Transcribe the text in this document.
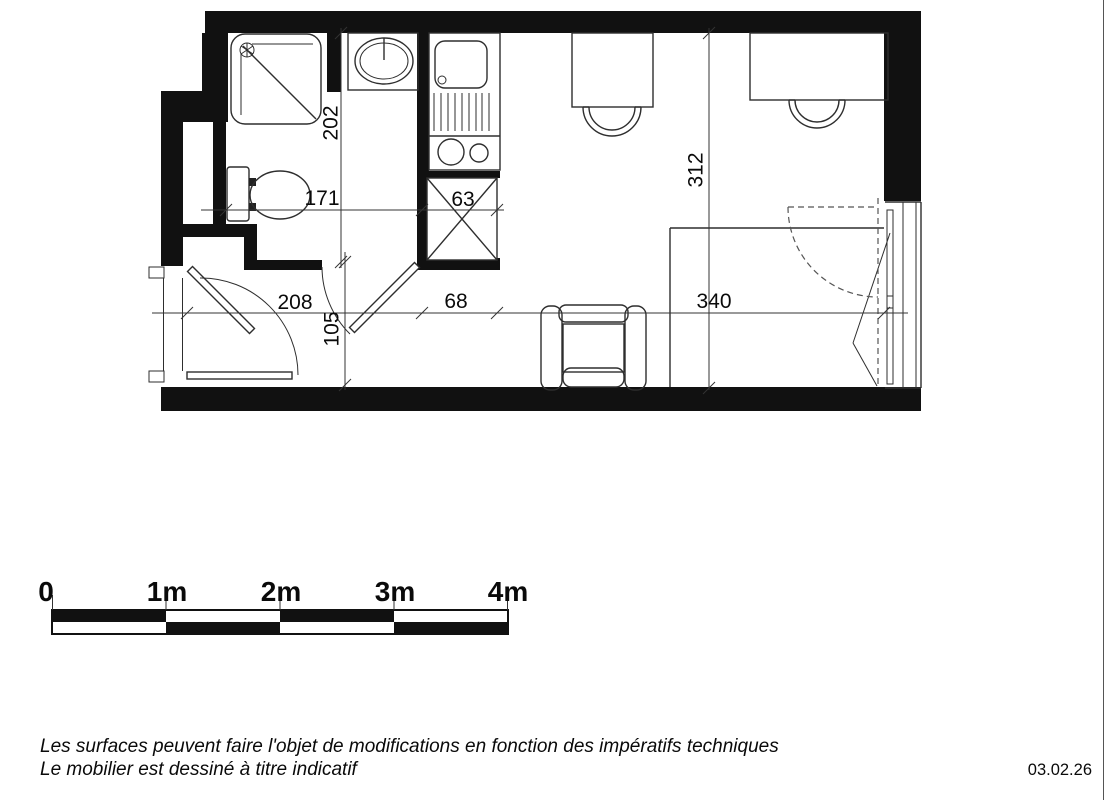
202
171	63
312
208
105
68	340
0	1m	2m	3m	4m
Les surfaces peuvent faire l'objet de modifications en fonction des impératifs techniques
Le mobilier est dessiné à titre indicatif	03.02.26
